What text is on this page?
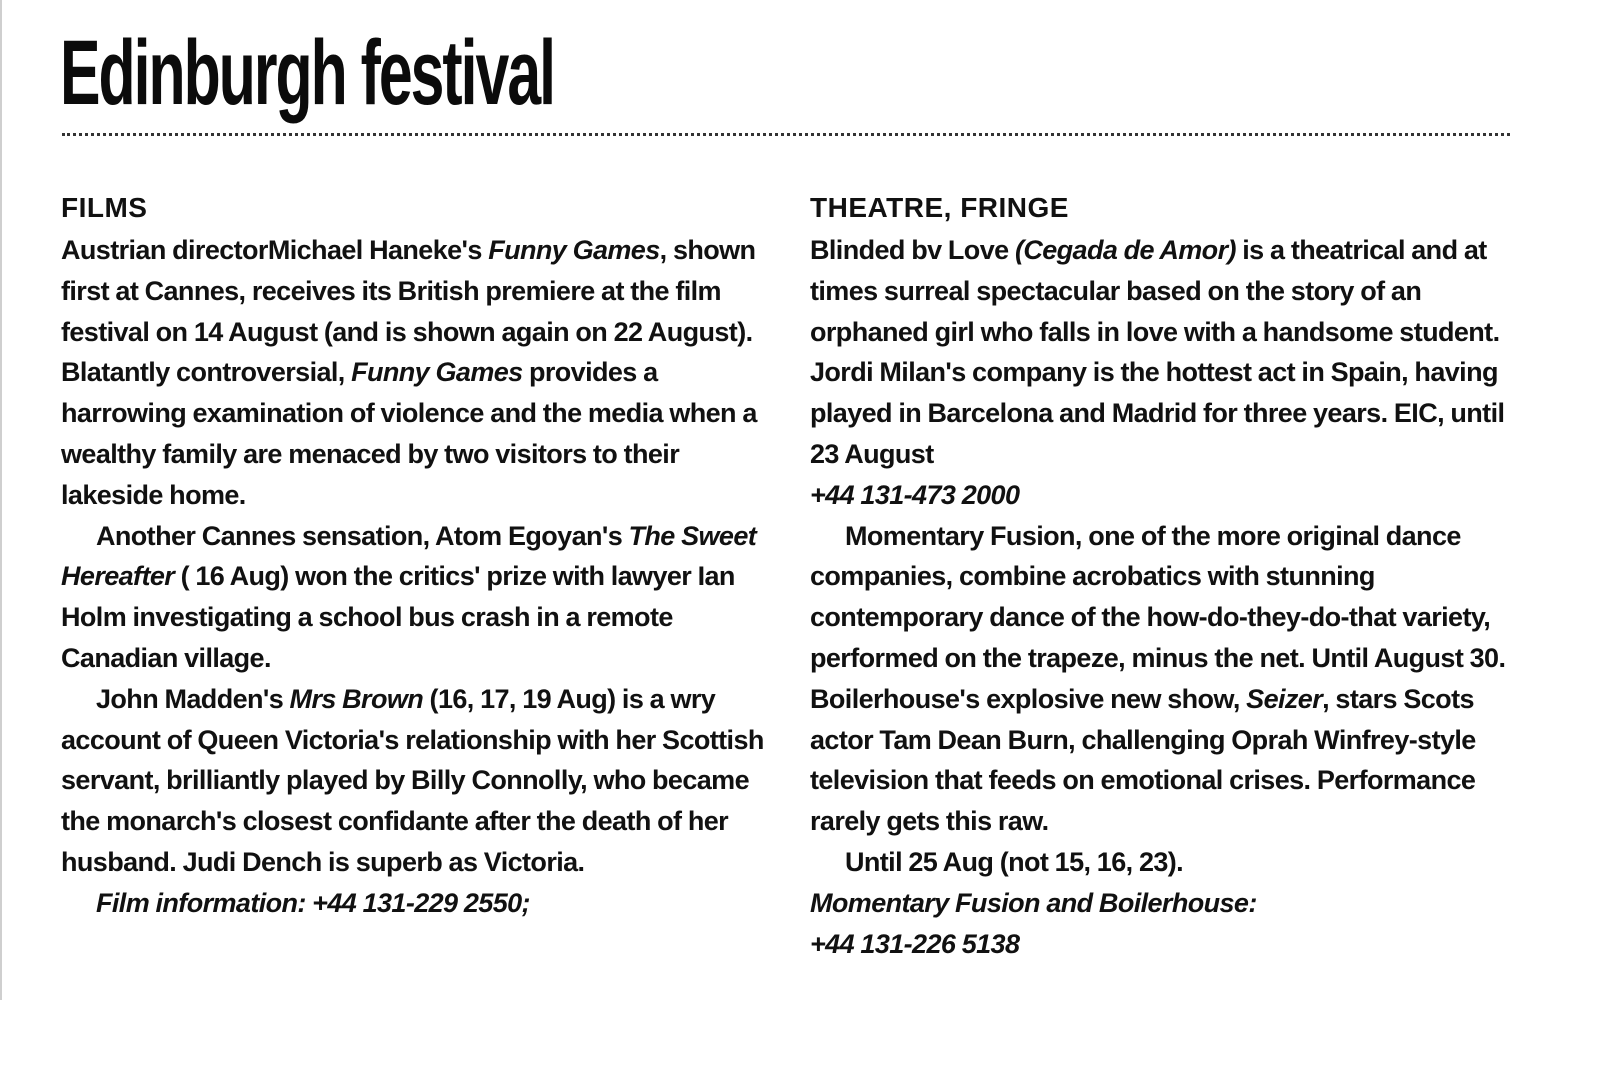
Edinburgh festival
FILMS

Austrian directorMichael Haneke's Funny Games, shown first at Cannes, receives its British premiere at the film festival on 14 August (and is shown again on 22 August). Blatantly controversial, Funny Games provides a harrowing examination of violence and the media when a wealthy family are menaced by two visitors to their lakeside home.

Another Cannes sensation, Atom Egoyan's The Sweet Hereafter ( 16 Aug) won the critics' prize with lawyer Ian Holm investigating a school bus crash in a remote Canadian village.

John Madden's Mrs Brown (16, 17, 19 Aug) is a wry account of Queen Victoria's relationship with her Scottish servant, brilliantly played by Billy Connolly, who became the monarch's closest confidante after the death of her husband. Judi Dench is superb as Victoria.

Film information: +44 131-229 2550;

THEATRE, FRINGE

Blinded bv Love (Cegada de Amor) is a theatrical and at times surreal spectacular based on the story of an orphaned girl who falls in love with a handsome student. Jordi Milan's company is the hottest act in Spain, having played in Barcelona and Madrid for three years. EIC, until 23 August
+44 131-473 2000

Momentary Fusion, one of the more original dance companies, combine acrobatics with stunning contemporary dance of the how-do-they-do-that variety, performed on the trapeze, minus the net. Until August 30.

Boilerhouse's explosive new show, Seizer, stars Scots actor Tam Dean Burn, challenging Oprah Winfrey-style television that feeds on emotional crises. Performance rarely gets this raw.

Until 25 Aug (not 15, 16, 23).

Momentary Fusion and Boilerhouse:

+44 131-226 5138
